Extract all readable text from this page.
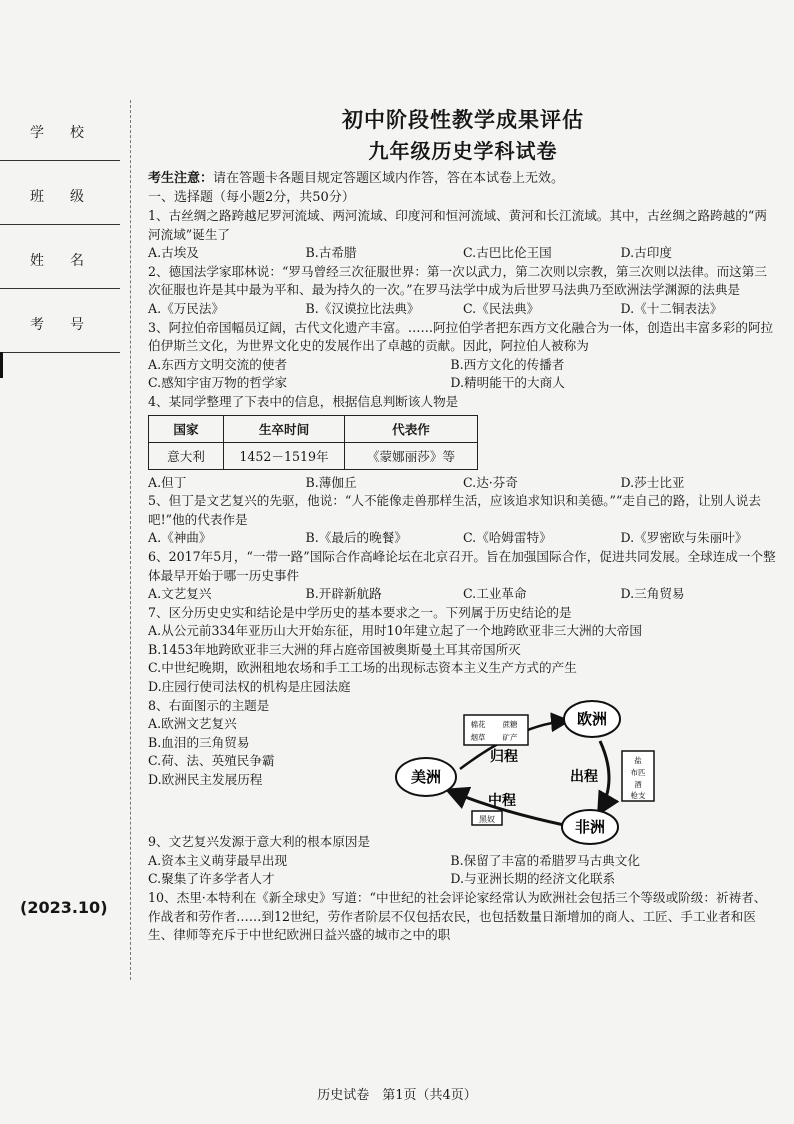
学校
班级
姓名
考号
(2023.10)
初中阶段性教学成果评估
九年级历史学科试卷
考生注意：请在答题卡各题目规定答题区域内作答，答在本试卷上无效。
一、选择题（每小题2分，共50分）
1、古丝绸之路跨越尼罗河流域、两河流域、印度河和恒河流域、黄河和长江流域。其中，古丝绸之路跨越的“两河流域”诞生了
A.古埃及	B.古希腊	C.古巴比伦王国	D.古印度
2、德国法学家耶林说：“罗马曾经三次征服世界：第一次以武力，第二次则以宗教，第三次则以法律。而这第三次征服也许是其中最为平和、最为持久的一次。”在罗马法学中成为后世罗马法典乃至欧洲法学渊源的法典是
A.《万民法》	B.《汉谟拉比法典》	C.《民法典》	D.《十二铜表法》
3、阿拉伯帝国幅员辽阔，古代文化遗产丰富。……阿拉伯学者把东西方文化融合为一体，创造出丰富多彩的阿拉伯伊斯兰文化，为世界文化史的发展作出了卓越的贡献。因此，阿拉伯人被称为
A.东西方文明交流的使者	B.西方文化的传播者
C.感知宇宙万物的哲学家	D.精明能干的大商人
4、某同学整理了下表中的信息，根据信息判断该人物是
国家	生卒时间	代表作
意大利	1452－1519年	《蒙娜丽莎》等
A.但丁	B.薄伽丘	C.达·芬奇	D.莎士比亚
5、但丁是文艺复兴的先驱，他说：“人不能像走兽那样生活，应该追求知识和美德。”“走自己的路，让别人说去吧!”他的代表作是
A.《神曲》	B.《最后的晚餐》	C.《哈姆雷特》	D.《罗密欧与朱丽叶》
6、2017年5月，“一带一路”国际合作高峰论坛在北京召开。旨在加强国际合作，促进共同发展。全球连成一个整体最早开始于哪一历史事件
A.文艺复兴	B.开辟新航路	C.工业革命	D.三角贸易
7、区分历史史实和结论是中学历史的基本要求之一。下列属于历史结论的是
A.从公元前334年亚历山大开始东征，用时10年建立起了一个地跨欧亚非三大洲的大帝国
B.1453年地跨欧亚非三大洲的拜占庭帝国被奥斯曼土耳其帝国所灭
C.中世纪晚期，欧洲租地农场和手工工场的出现标志资本主义生产方式的产生
D.庄园行使司法权的机构是庄园法庭
8、右面图示的主题是
A.欧洲文艺复兴
B.血泪的三角贸易
C.荷、法、英殖民争霸
D.欧洲民主发展历程
欧洲
美洲
非洲
归程
出程
中程
棉花 蔗糖
烟草 矿产
盐
布匹
酒
枪支
黑奴
9、文艺复兴发源于意大利的根本原因是
A.资本主义萌芽最早出现	B.保留了丰富的希腊罗马古典文化
C.聚集了许多学者人才	D.与亚洲长期的经济文化联系
10、杰里·本特利在《新全球史》写道：“中世纪的社会评论家经常认为欧洲社会包括三个等级或阶级：祈祷者、作战者和劳作者……到12世纪，劳作者阶层不仅包括农民，也包括数量日渐增加的商人、工匠、手工业者和医生、律师等充斥于中世纪欧洲日益兴盛的城市之中的职
历史试卷　第1页（共4页）
